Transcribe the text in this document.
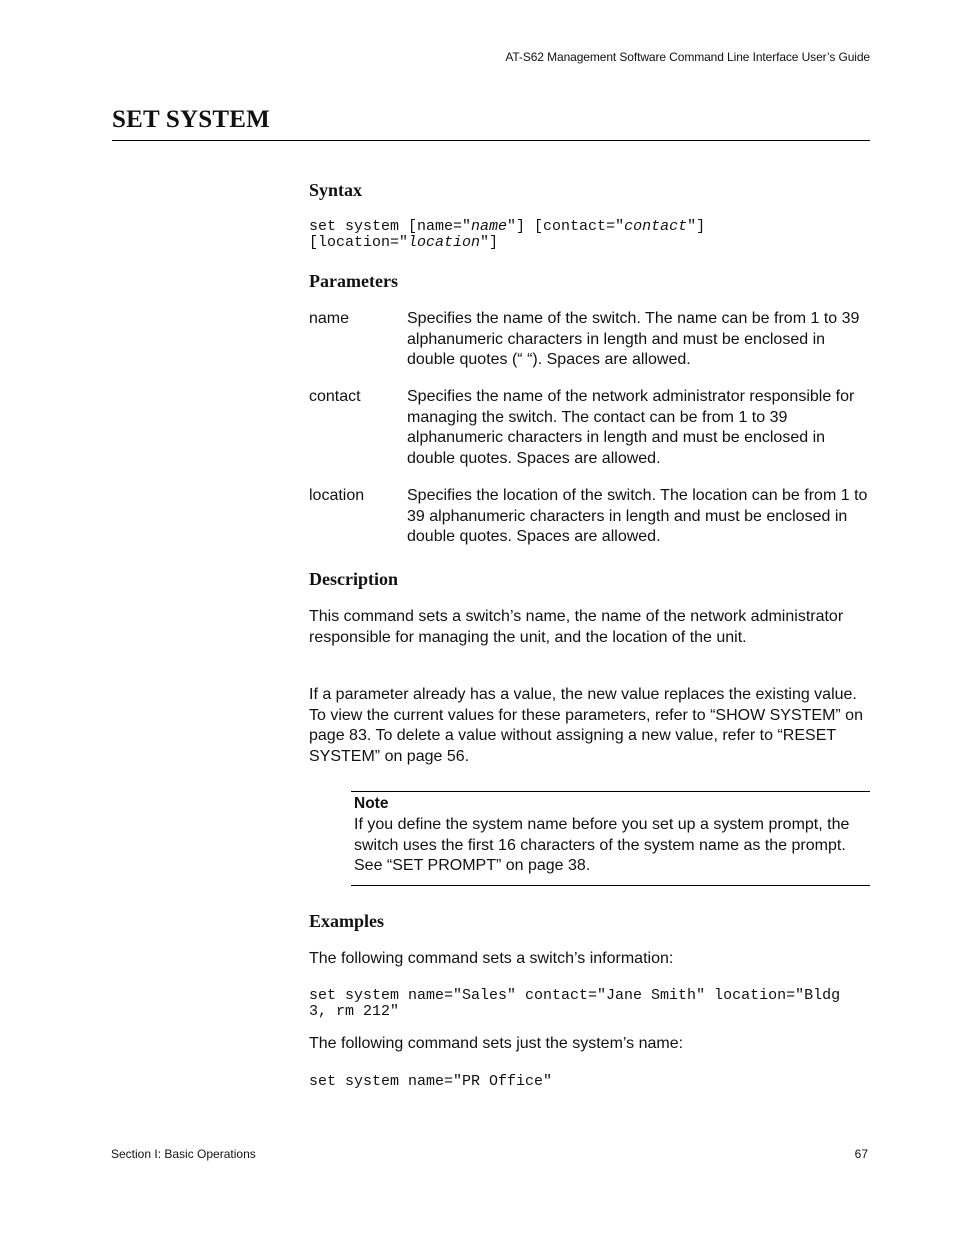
AT-S62 Management Software Command Line Interface User’s Guide
SET SYSTEM
Syntax
set system [name="name"] [contact="contact"]
[location="location"]
Parameters
name	Specifies the name of the switch. The name can be from 1 to 39 alphanumeric characters in length and must be enclosed in double quotes (“ “). Spaces are allowed.
contact	Specifies the name of the network administrator responsible for managing the switch. The contact can be from 1 to 39 alphanumeric characters in length and must be enclosed in double quotes. Spaces are allowed.
location	Specifies the location of the switch. The location can be from 1 to 39 alphanumeric characters in length and must be enclosed in double quotes. Spaces are allowed.
Description
This command sets a switch’s name, the name of the network administrator responsible for managing the unit, and the location of the unit.
If a parameter already has a value, the new value replaces the existing value. To view the current values for these parameters, refer to “SHOW SYSTEM” on page 83. To delete a value without assigning a new value, refer to “RESET SYSTEM” on page 56.
Note
If you define the system name before you set up a system prompt, the switch uses the first 16 characters of the system name as the prompt. See “SET PROMPT” on page 38.
Examples
The following command sets a switch’s information:
set system name="Sales" contact="Jane Smith" location="Bldg
3, rm 212"
The following command sets just the system’s name:
set system name="PR Office"
Section I: Basic Operations	67
